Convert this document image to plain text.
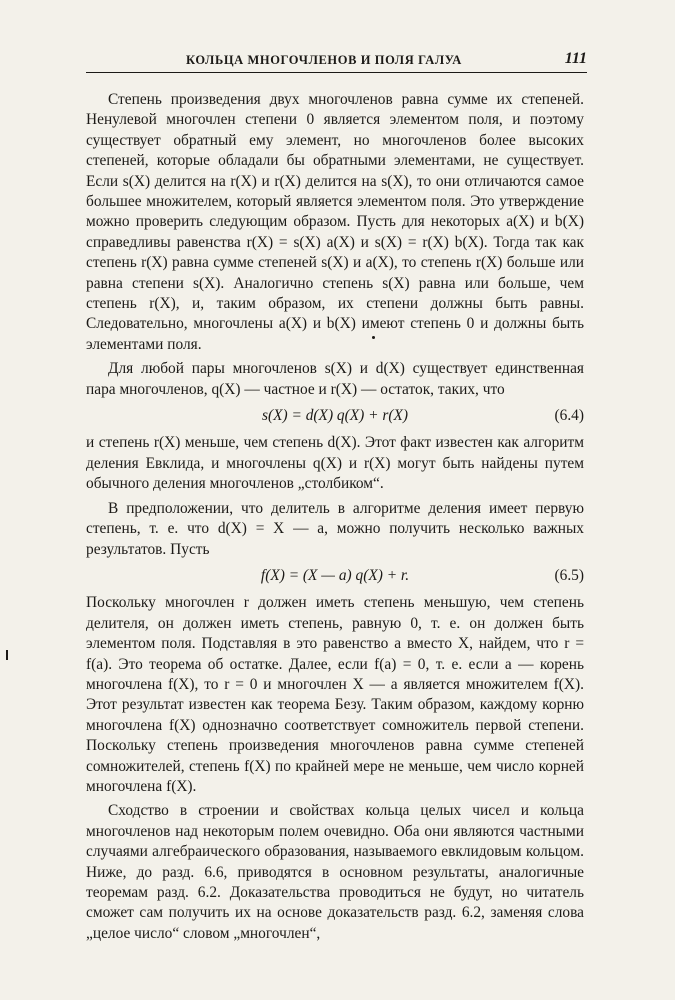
КОЛЬЦА МНОГОЧЛЕНОВ И ПОЛЯ ГАЛУА	111

Степень произведения двух многочленов равна сумме их степеней. Ненулевой многочлен степени 0 является элементом поля, и поэтому существует обратный ему элемент, но многочленов более высоких степеней, которые обладали бы обратными элементами, не существует. Если s(X) делится на r(X) и r(X) делится на s(X), то они отличаются самое большее множителем, который является элементом поля. Это утверждение можно проверить следующим образом. Пусть для некоторых a(X) и b(X) справедливы равенства r(X) = s(X) a(X) и s(X) = r(X) b(X). Тогда так как степень r(X) равна сумме степеней s(X) и a(X), то степень r(X) больше или равна степени s(X). Аналогично степень s(X) равна или больше, чем степень r(X), и, таким образом, их степени должны быть равны. Следовательно, многочлены a(X) и b(X) имеют степень 0 и должны быть элементами поля.

Для любой пары многочленов s(X) и d(X) существует единственная пара многочленов, q(X) — частное и r(X) — остаток, таких, что

s(X) = d(X) q(X) + r(X)	(6.4)

и степень r(X) меньше, чем степень d(X). Этот факт известен как алгоритм деления Евклида, и многочлены q(X) и r(X) могут быть найдены путем обычного деления многочленов „столбиком“.

В предположении, что делитель в алгоритме деления имеет первую степень, т. е. что d(X) = X — a, можно получить несколько важных результатов. Пусть

f(X) = (X — a) q(X) + r.	(6.5)

Поскольку многочлен r должен иметь степень меньшую, чем степень делителя, он должен иметь степень, равную 0, т. е. он должен быть элементом поля. Подставляя в это равенство a вместо X, найдем, что r = f(a). Это теорема об остатке. Далее, если f(a) = 0, т. е. если a — корень многочлена f(X), то r = 0 и многочлен X — a является множителем f(X). Этот результат известен как теорема Безу. Таким образом, каждому корню многочлена f(X) однозначно соответствует сомножитель первой степени. Поскольку степень произведения многочленов равна сумме степеней сомножителей, степень f(X) по крайней мере не меньше, чем число корней многочлена f(X).

Сходство в строении и свойствах кольца целых чисел и кольца многочленов над некоторым полем очевидно. Оба они являются частными случаями алгебраического образования, называемого евклидовым кольцом. Ниже, до разд. 6.6, приводятся в основном результаты, аналогичные теоремам разд. 6.2. Доказательства проводиться не будут, но читатель сможет сам получить их на основе доказательств разд. 6.2, заменяя слова „целое число“ словом „многочлен“,
